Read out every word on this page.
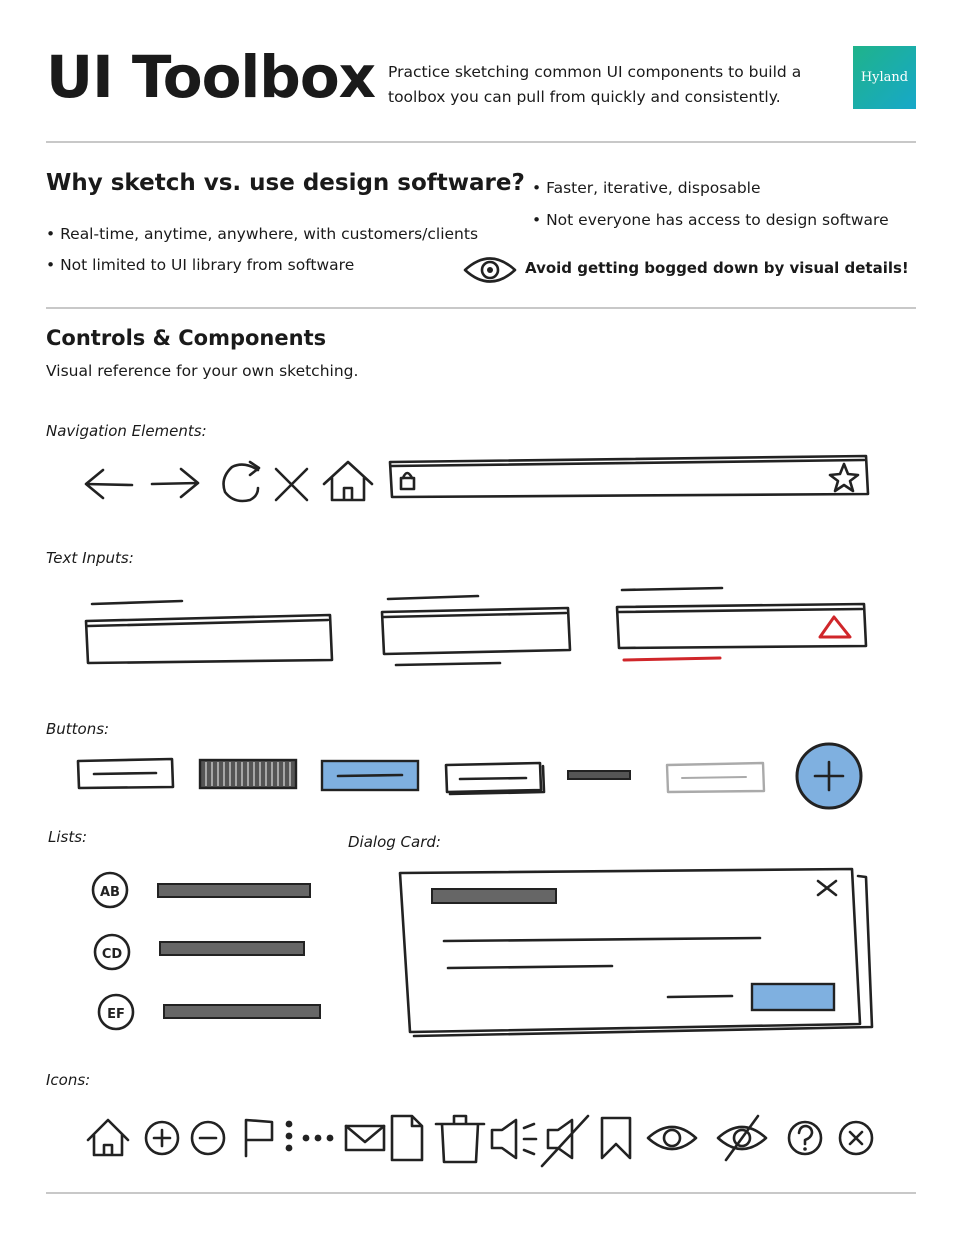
UI Toolbox Practice sketching common UI components to build a toolbox you can pull from quickly and consistently.
Hyland
Why sketch vs. use design software?
• Real-time, anytime, anywhere, with customers/clients
• Not limited to UI library from software
• Faster, iterative, disposable
• Not everyone has access to design software
Avoid getting bogged down by visual details!
Controls & Components
Visual reference for your own sketching.
Navigation Elements:
Text Inputs:
Buttons:
Lists:
AB
CD
EF
Dialog Card:
Icons:
